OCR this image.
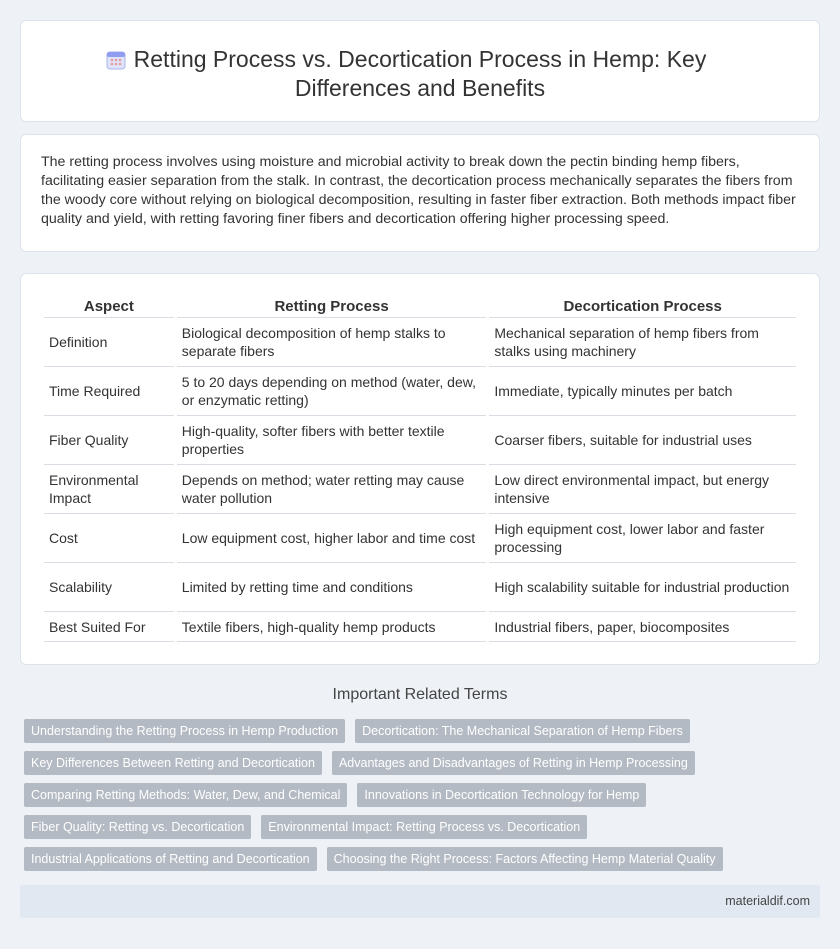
Retting Process vs. Decortication Process in Hemp: Key
Differences and Benefits

The retting process involves using moisture and microbial activity to break down the pectin binding hemp fibers, facilitating easier separation from the stalk. In contrast, the decortication process mechanically separates the fibers from the woody core without relying on biological decomposition, resulting in faster fiber extraction. Both methods impact fiber quality and yield, with retting favoring finer fibers and decortication offering higher processing speed.

Aspect	Retting Process	Decortication Process
Definition	Biological decomposition of hemp stalks to separate fibers	Mechanical separation of hemp fibers from stalks using machinery
Time Required	5 to 20 days depending on method (water, dew, or enzymatic retting)	Immediate, typically minutes per batch
Fiber Quality	High-quality, softer fibers with better textile properties	Coarser fibers, suitable for industrial uses
Environmental Impact	Depends on method; water retting may cause water pollution	Low direct environmental impact, but energy intensive
Cost	Low equipment cost, higher labor and time cost	High equipment cost, lower labor and faster processing
Scalability	Limited by retting time and conditions	High scalability suitable for industrial production
Best Suited For	Textile fibers, high-quality hemp products	Industrial fibers, paper, biocomposites
Important Related Terms
Understanding the Retting Process in Hemp Production Decortication: The Mechanical Separation of Hemp Fibers
Key Differences Between Retting and Decortication Advantages and Disadvantages of Retting in Hemp Processing
Comparing Retting Methods: Water, Dew, and Chemical Innovations in Decortication Technology for Hemp
Fiber Quality: Retting vs. Decortication Environmental Impact: Retting Process vs. Decortication
Industrial Applications of Retting and Decortication Choosing the Right Process: Factors Affecting Hemp Material Quality
materialdif.com
